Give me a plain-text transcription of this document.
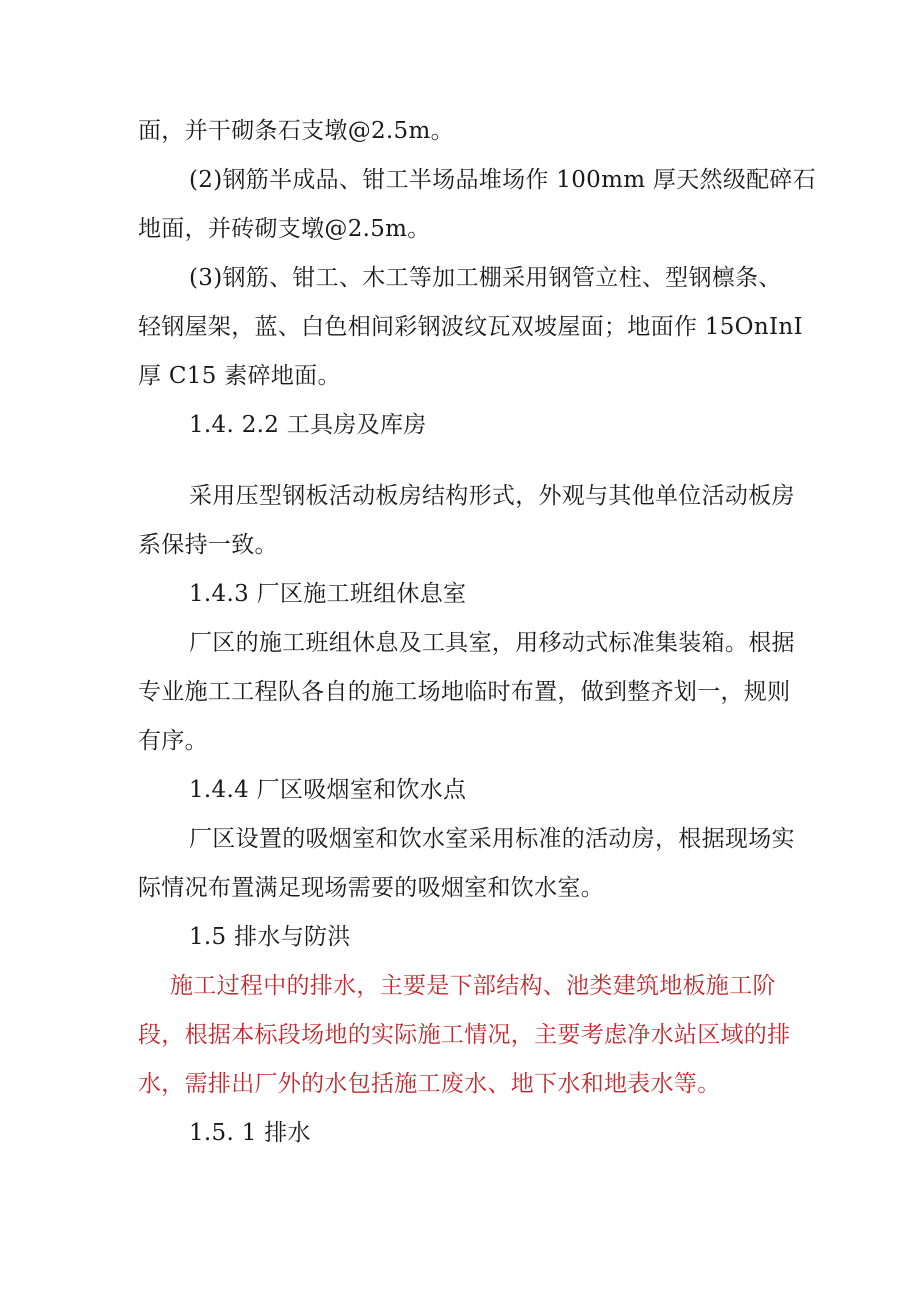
面，并干砌条石支墩@2.5m。
(2)钢筋半成品、钳工半场品堆场作 100mm 厚天然级配碎石
地面，并砖砌支墩@2.5m。
(3)钢筋、钳工、木工等加工棚采用钢管立柱、型钢檩条、
轻钢屋架，蓝、白色相间彩钢波纹瓦双坡屋面；地面作 15OnInI
厚 C15 素碎地面。
1.4. 2.2 工具房及库房
采用压型钢板活动板房结构形式，外观与其他单位活动板房
系保持一致。
1.4.3 厂区施工班组休息室
厂区的施工班组休息及工具室，用移动式标准集装箱。根据
专业施工工程队各自的施工场地临时布置，做到整齐划一，规则
有序。
1.4.4 厂区吸烟室和饮水点
厂区设置的吸烟室和饮水室采用标准的活动房，根据现场实
际情况布置满足现场需要的吸烟室和饮水室。
1.5 排水与防洪
施工过程中的排水，主要是下部结构、池类建筑地板施工阶
段，根据本标段场地的实际施工情况，主要考虑净水站区域的排
水，需排出厂外的水包括施工废水、地下水和地表水等。
1.5. 1 排水
